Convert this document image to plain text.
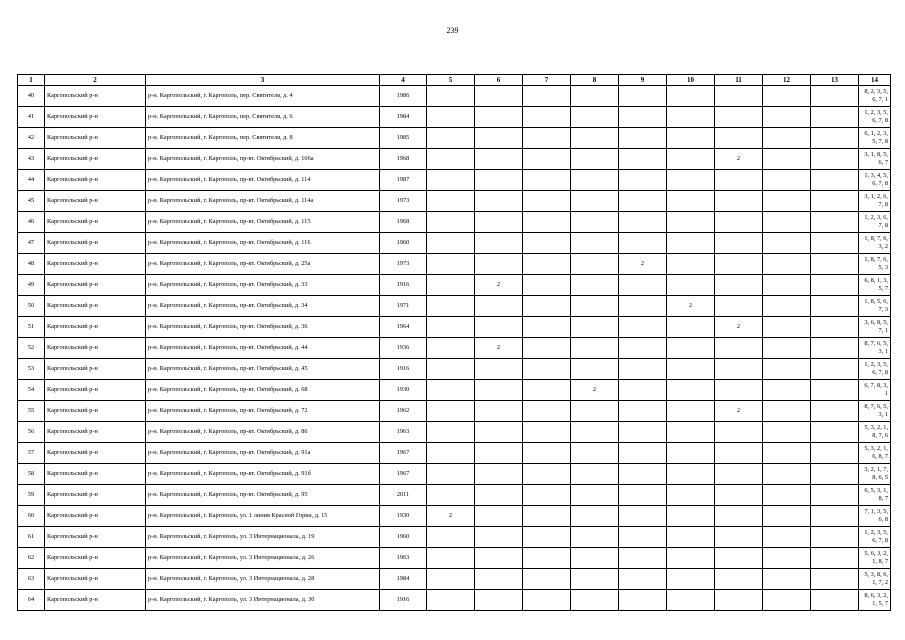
239
1	2	3	4	5	6	7	8	9	10	11	12	13	14
40	Каргопольский р-н	р-н. Каргопольский, г. Каргополь, пер. Святителя, д. 4	1986										8, 2, 3, 5, 6, 7, 1
41	Каргопольский р-н	р-н. Каргопольский, г. Каргополь, пер. Святителя, д. 6	1984										1, 2, 3, 5, 6, 7, 8
42	Каргопольский р-н	р-н. Каргопольский, г. Каргополь, пер. Святителя, д. 8	1985										6, 1, 2, 3, 5, 7, 8
43	Каргопольский р-н	р-н. Каргопольский, г. Каргополь, пр-кт. Октябрьский, д. 106а	1968							2			3, 1, 8, 5, 6, 7
44	Каргопольский р-н	р-н. Каргопольский, г. Каргополь, пр-кт. Октябрьский, д. 114	1987										1, 3, 4, 5, 6, 7, 8
45	Каргопольский р-н	р-н. Каргопольский, г. Каргополь, пр-кт. Октябрьский, д. 114а	1973										3, 1, 2, 6, 7, 8
46	Каргопольский р-н	р-н. Каргопольский, г. Каргополь, пр-кт. Октябрьский, д. 115	1968										1, 2, 3, 6, 7, 8
47	Каргопольский р-н	р-н. Каргопольский, г. Каргополь, пр-кт. Октябрьский, д. 116	1960										1, 8, 7, 6, 3, 2
48	Каргопольский р-н	р-н. Каргопольский, г. Каргополь, пр-кт. Октябрьский, д. 25а	1973					2					1, 8, 7, 6, 5, 3
49	Каргопольский р-н	р-н. Каргопольский, г. Каргополь, пр-кт. Октябрьский, д. 33	1916		2								6, 8, 1, 3, 5, 7
50	Каргопольский р-н	р-н. Каргопольский, г. Каргополь, пр-кт. Октябрьский, д. 34	1971						2				1, 8, 5, 6, 7, 3
51	Каргопольский р-н	р-н. Каргопольский, г. Каргополь, пр-кт. Октябрьский, д. 36	1964							2			3, 6, 8, 5, 7, 1
52	Каргопольский р-н	р-н. Каргопольский, г. Каргополь, пр-кт. Октябрьский, д. 44	1936		2								8, 7, 6, 5, 3, 1
53	Каргопольский р-н	р-н. Каргопольский, г. Каргополь, пр-кт. Октябрьский, д. 45	1916										1, 2, 3, 5, 6, 7, 8
54	Каргопольский р-н	р-н. Каргопольский, г. Каргополь, пр-кт. Октябрьский, д. 68	1930				2						6, 7, 8, 3, 1
55	Каргопольский р-н	р-н. Каргопольский, г. Каргополь, пр-кт. Октябрьский, д. 72	1962							2			8, 7, 6, 5, 3, 1
56	Каргопольский р-н	р-н. Каргопольский, г. Каргополь, пр-кт. Октябрьский, д. 86	1963										5, 3, 2, 1, 8, 7, 6
57	Каргопольский р-н	р-н. Каргопольский, г. Каргополь, пр-кт. Октябрьский, д. 91а	1967										5, 3, 2, 1, 6, 8, 7
58	Каргопольский р-н	р-н. Каргопольский, г. Каргополь, пр-кт. Октябрьский, д. 91б	1967										3, 2, 1, 7, 8, 6, 5
59	Каргопольский р-н	р-н. Каргопольский, г. Каргополь, пр-кт. Октябрьский, д. 95	2011										6, 5, 3, 1, 8, 7
60	Каргопольский р-н	р-н. Каргопольский, г. Каргополь, ул. 1 линия Красной Горки, д. 15	1930	2									7, 1, 3, 5, 6, 8
61	Каргопольский р-н	р-н. Каргопольский, г. Каргополь, ул. 3 Интернационала, д. 19	1960										1, 2, 3, 5, 6, 7, 8
62	Каргопольский р-н	р-н. Каргопольский, г. Каргополь, ул. 3 Интернационала, д. 26	1963										5, 6, 3, 2, 1, 8, 7
63	Каргопольский р-н	р-н. Каргопольский, г. Каргополь, ул. 3 Интернационала, д. 28	1984										5, 3, 8, 6, 1, 7, 2
64	Каргопольский р-н	р-н. Каргопольский, г. Каргополь, ул. 3 Интернационала, д. 30	1916										8, 6, 3, 2, 1, 5, 7
